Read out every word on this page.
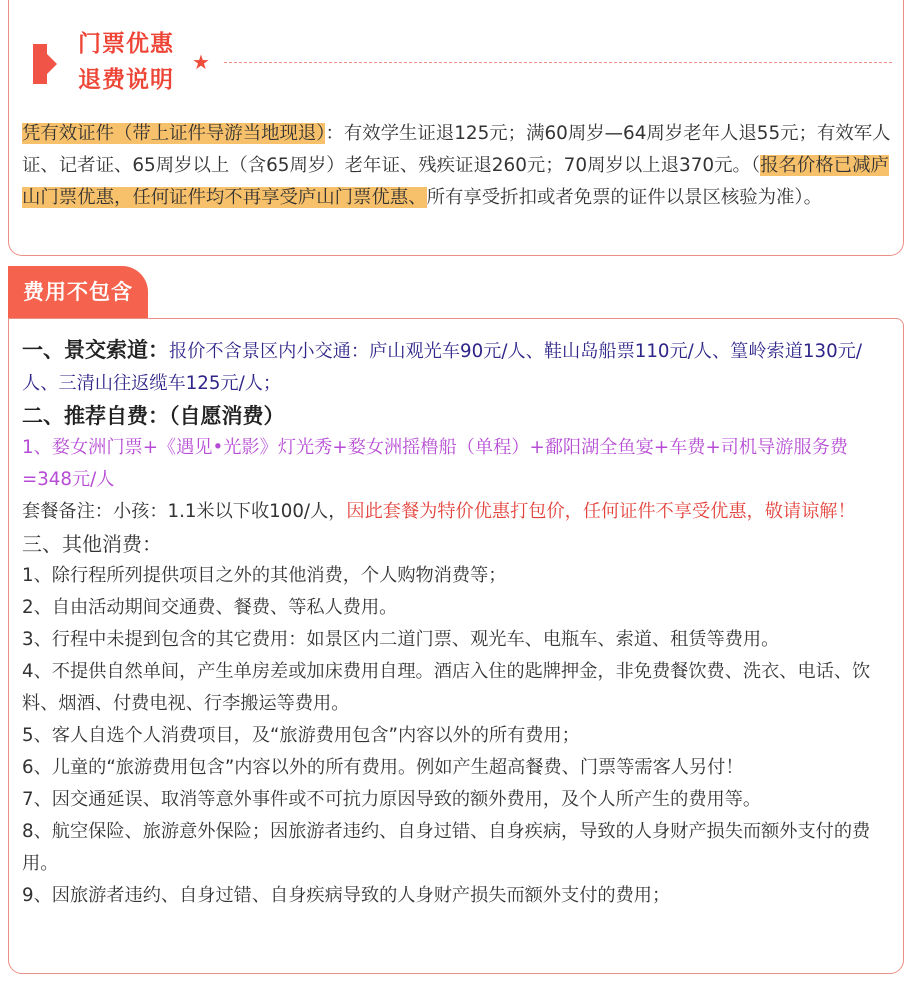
门票优惠
退费说明
★
凭有效证件（带上证件导游当地现退）：有效学生证退125元；满60周岁—64周岁老年人退55元；有效军人证、记者证、65周岁以上（含65周岁）老年证、残疾证退260元；70周岁以上退370元。（报名价格已减庐山门票优惠，任何证件均不再享受庐山门票优惠、所有享受折扣或者免票的证件以景区核验为准）。
费用不包含

一、景交索道：报价不含景区内小交通：庐山观光车90元/人、鞋山岛船票110元/人、篁岭索道130元/人、三清山往返缆车125元/人；

二、推荐自费：（自愿消费）

1、婺女洲门票+《遇见•光影》灯光秀+婺女洲摇橹船（单程）+鄱阳湖全鱼宴+车费+司机导游服务费=348元/人

套餐备注：小孩：1.1米以下收100/人，因此套餐为特价优惠打包价，任何证件不享受优惠，敬请谅解！

三、其他消费：

1、除行程所列提供项目之外的其他消费，个人购物消费等；

2、自由活动期间交通费、餐费、等私人费用。

3、行程中未提到包含的其它费用：如景区内二道门票、观光车、电瓶车、索道、租赁等费用。

4、不提供自然单间，产生单房差或加床费用自理。酒店入住的匙牌押金，非免费餐饮费、洗衣、电话、饮料、烟酒、付费电视、行李搬运等费用。

5、客人自选个人消费项目，及“旅游费用包含”内容以外的所有费用；

6、儿童的“旅游费用包含”内容以外的所有费用。例如产生超高餐费、门票等需客人另付！

7、因交通延误、取消等意外事件或不可抗力原因导致的额外费用，及个人所产生的费用等。

8、航空保险、旅游意外保险；因旅游者违约、自身过错、自身疾病，导致的人身财产损失而额外支付的费用。

9、因旅游者违约、自身过错、自身疾病导致的人身财产损失而额外支付的费用；
